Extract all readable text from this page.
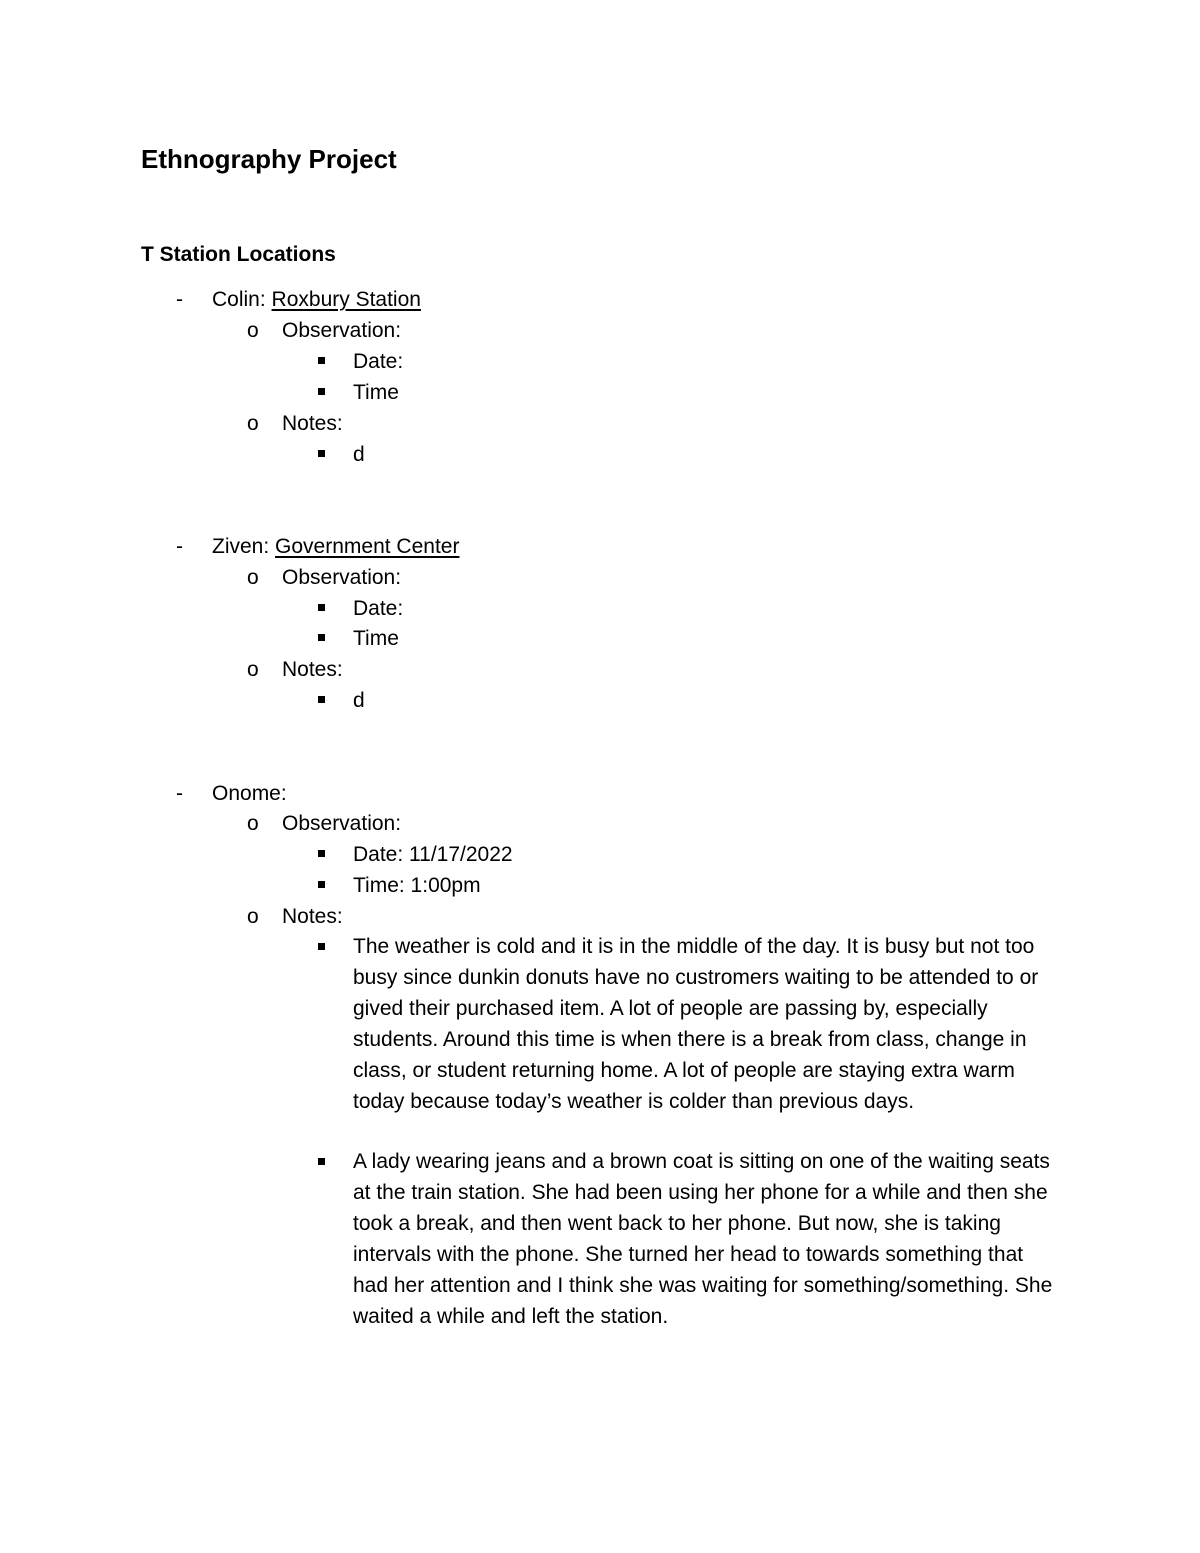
Ethnography Project
T Station Locations
- Colin: Roxbury Station
o Observation:
Date:
Time
o Notes:
d
- Ziven: Government Center
o Observation:
Date:
Time
o Notes:
d
- Onome:
o Observation:
Date: 11/17/2022
Time: 1:00pm
o Notes:

The weather is cold and it is in the middle of the day. It is busy but not too busy since dunkin donuts have no custromers waiting to be attended to or gived their purchased item. A lot of people are passing by, especially students. Around this time is when there is a break from class, change in class, or student returning home. A lot of people are staying extra warm today because today’s weather is colder than previous days.

A lady wearing jeans and a brown coat is sitting on one of the waiting seats at the train station. She had been using her phone for a while and then she took a break, and then went back to her phone. But now, she is taking intervals with the phone. She turned her head to towards something that had her attention and I think she was waiting for something/something. She waited a while and left the station.
